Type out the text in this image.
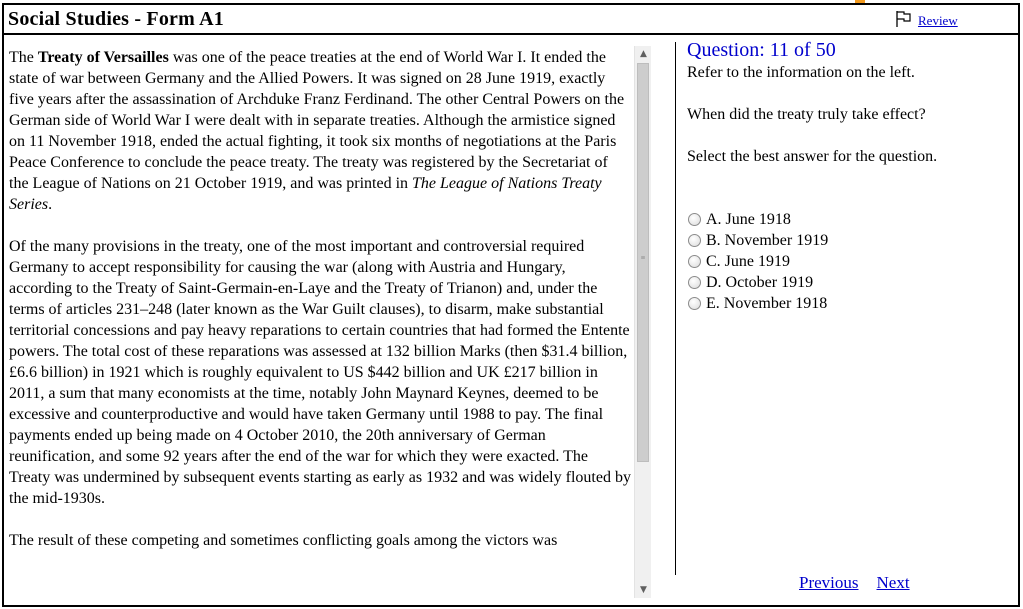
Social Studies - Form A1	Review

The Treaty of Versailles was one of the peace treaties at the end of World War I. It ended the state of war between Germany and the Allied Powers. It was signed on 28 June 1919, exactly five years after the assassination of Archduke Franz Ferdinand. The other Central Powers on the German side of World War I were dealt with in separate treaties. Although the armistice signed on 11 November 1918, ended the actual fighting, it took six months of negotiations at the Paris Peace Conference to conclude the peace treaty. The treaty was registered by the Secretariat of the League of Nations on 21 October 1919, and was printed in The League of Nations Treaty Series.

Of the many provisions in the treaty, one of the most important and controversial required Germany to accept responsibility for causing the war (along with Austria and Hungary, according to the Treaty of Saint-Germain-en-Laye and the Treaty of Trianon) and, under the terms of articles 231–248 (later known as the War Guilt clauses), to disarm, make substantial territorial concessions and pay heavy reparations to certain countries that had formed the Entente powers. The total cost of these reparations was assessed at 132 billion Marks (then $31.4 billion, £6.6 billion) in 1921 which is roughly equivalent to US $442 billion and UK £217 billion in 2011, a sum that many economists at the time, notably John Maynard Keynes, deemed to be excessive and counterproductive and would have taken Germany until 1988 to pay. The final payments ended up being made on 4 October 2010, the 20th anniversary of German reunification, and some 92 years after the end of the war for which they were exacted. The Treaty was undermined by subsequent events starting as early as 1932 and was widely flouted by the mid-1930s.

The result of these competing and sometimes conflicting goals among the victors was

▲
≡
▼

Question: 11 of 50

Refer to the information on the left.

When did the treaty truly take effect?

Select the best answer for the question.

A. June 1918
B. November 1919
C. June 1919
D. October 1919
E. November 1918
Previous Next
